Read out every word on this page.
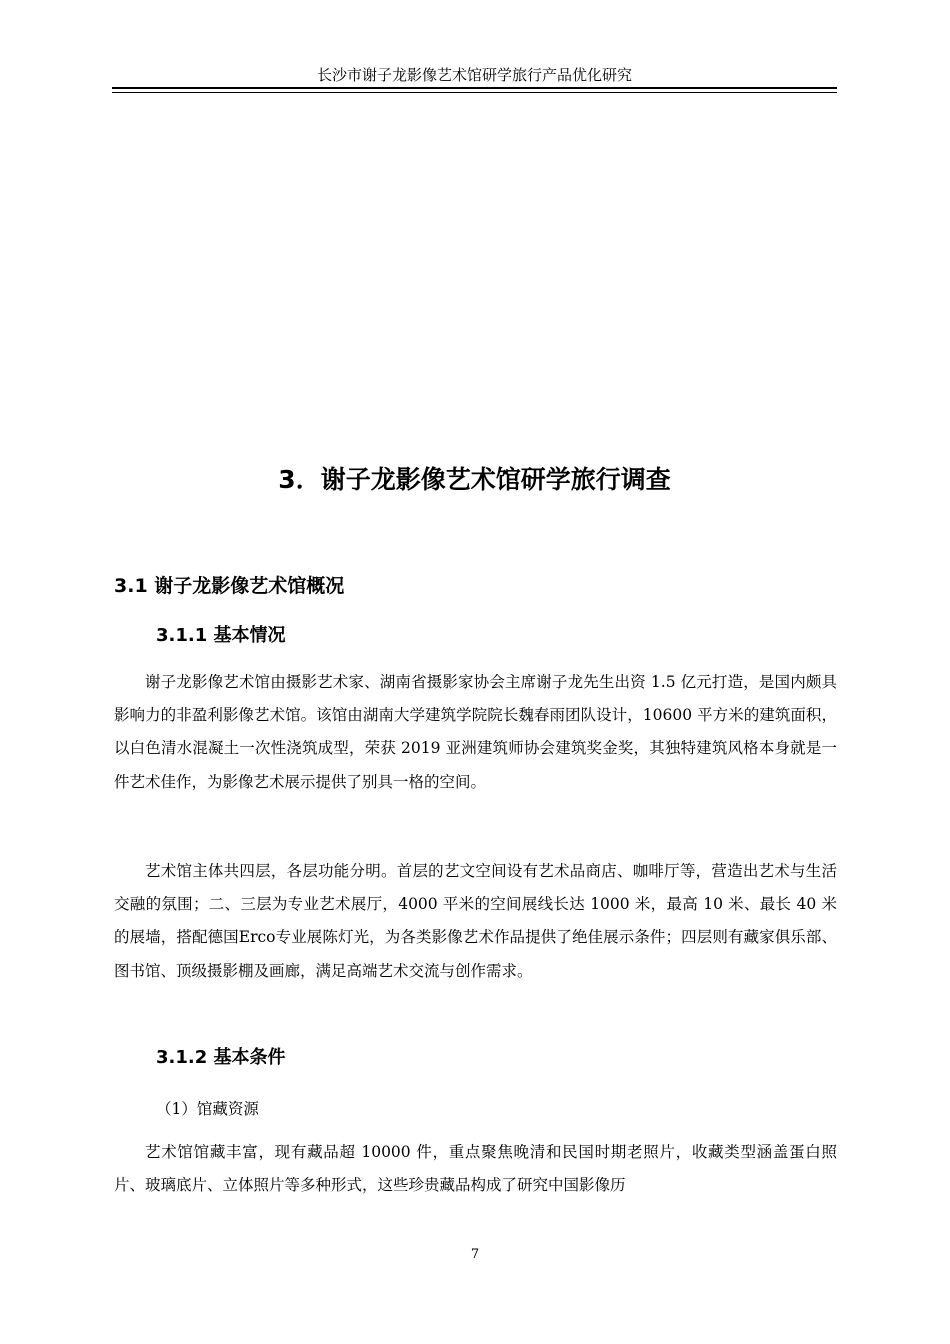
长沙市谢子龙影像艺术馆研学旅行产品优化研究
3．谢子龙影像艺术馆研学旅行调查
3.1 谢子龙影像艺术馆概况
3.1.1 基本情况

谢子龙影像艺术馆由摄影艺术家、湖南省摄影家协会主席谢子龙先生出资 1.5 亿元打造，是国内颇具影响力的非盈利影像艺术馆。该馆由湖南大学建筑学院院长魏春雨团队设计，10600 平方米的建筑面积，以白色清水混凝土一次性浇筑成型，荣获 2019 亚洲建筑师协会建筑奖金奖，其独特建筑风格本身就是一件艺术佳作，为影像艺术展示提供了别具一格的空间。

艺术馆主体共四层，各层功能分明。首层的艺文空间设有艺术品商店、咖啡厅等，营造出艺术与生活交融的氛围；二、三层为专业艺术展厅，4000 平米的空间展线长达 1000 米，最高 10 米、最长 40 米的展墙，搭配德国Erco专业展陈灯光，为各类影像艺术作品提供了绝佳展示条件；四层则有藏家俱乐部、图书馆、顶级摄影棚及画廊，满足高端艺术交流与创作需求。

3.1.2 基本条件
（1）馆藏资源

艺术馆馆藏丰富，现有藏品超 10000 件，重点聚焦晚清和民国时期老照片，收藏类型涵盖蛋白照片、玻璃底片、立体照片等多种形式，这些珍贵藏品构成了研究中国影像历

7
